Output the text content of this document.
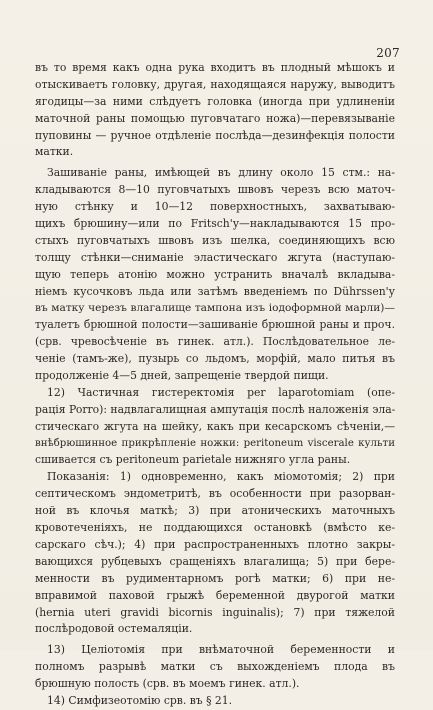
207
въ то время какъ одна рука входитъ въ плодный мѣшокъ и
отыскиваетъ головку, другая, находящаяся наружу, выводитъ
ягодицы—за ними слѣдуетъ головка (иногда при удлиненіи
маточной раны помощью пуговчатаго ножа)—перевязываніе
пуповины — ручное отдѣленіе послѣда—дезинфекція полости
матки.
Зашиваніе раны, имѣющей въ длину около 15 стм.: на-
кладываются 8—10 пуговчатыхъ швовъ черезъ всю маточ-
ную стѣнку и 10—12 поверхностныхъ, захватываю-
щихъ брюшину—или по Fritsch'у—накладываются 15 про-
стыхъ пуговчатыхъ швовъ изъ шелка, соединяющихъ всю
толщу стѣнки—сниманіе эластическаго жгута (наступаю-
щую теперь атонію можно устранить вначалѣ вкладыва-
ніемъ кусочковъ льда или затѣмъ введеніемъ по Dührssen'у
въ матку черезъ влагалище тампона изъ іодоформной марли)—
туалетъ брюшной полости—зашиваніе брюшной раны и проч.
(срв. чревосѣченіе въ гинек. атл.). Послѣдовательное ле-
ченіе (тамъ-же), пузырь со льдомъ, морфій, мало питья въ
продолженіе 4—5 дней, запрещеніе твердой пищи.
12) Частичная гистеректомія per laparotomiam (опе-
рація Porro): надвлагалищная ампутація послѣ наложенія эла-
стическаго жгута на шейку, какъ при кесарскомъ сѣченіи,—
внѣбрюшинное прикрѣпленіе ножки: peritoneum viscerale культи
сшивается съ peritoneum parietale нижняго угла раны.
Показанія: 1) одновременно, какъ міомотомія; 2) при
септическомъ эндометритѣ, въ особенности при разорван-
ной въ клочья маткѣ; 3) при атоническихъ маточныхъ
кровотеченіяхъ, не поддающихся остановкѣ (вмѣсто ке-
сарскаго сѣч.); 4) при распространенныхъ плотно закры-
вающихся рубцевыхъ сращеніяхъ влагалища; 5) при бере-
менности въ рудиментарномъ рогѣ матки; 6) при не-
вправимой паховой грыжѣ беременной двурогой матки
(hernia uteri gravidi bicornis inguinalis); 7) при тяжелой
послѣродовой остемаляціи.
13) Целіотомія при внѣматочной беременности и
полномъ разрывѣ матки съ выхожденіемъ плода въ
брюшную полость (срв. въ моемъ гинек. атл.).
14) Симфизеотомію срв. въ § 21.
